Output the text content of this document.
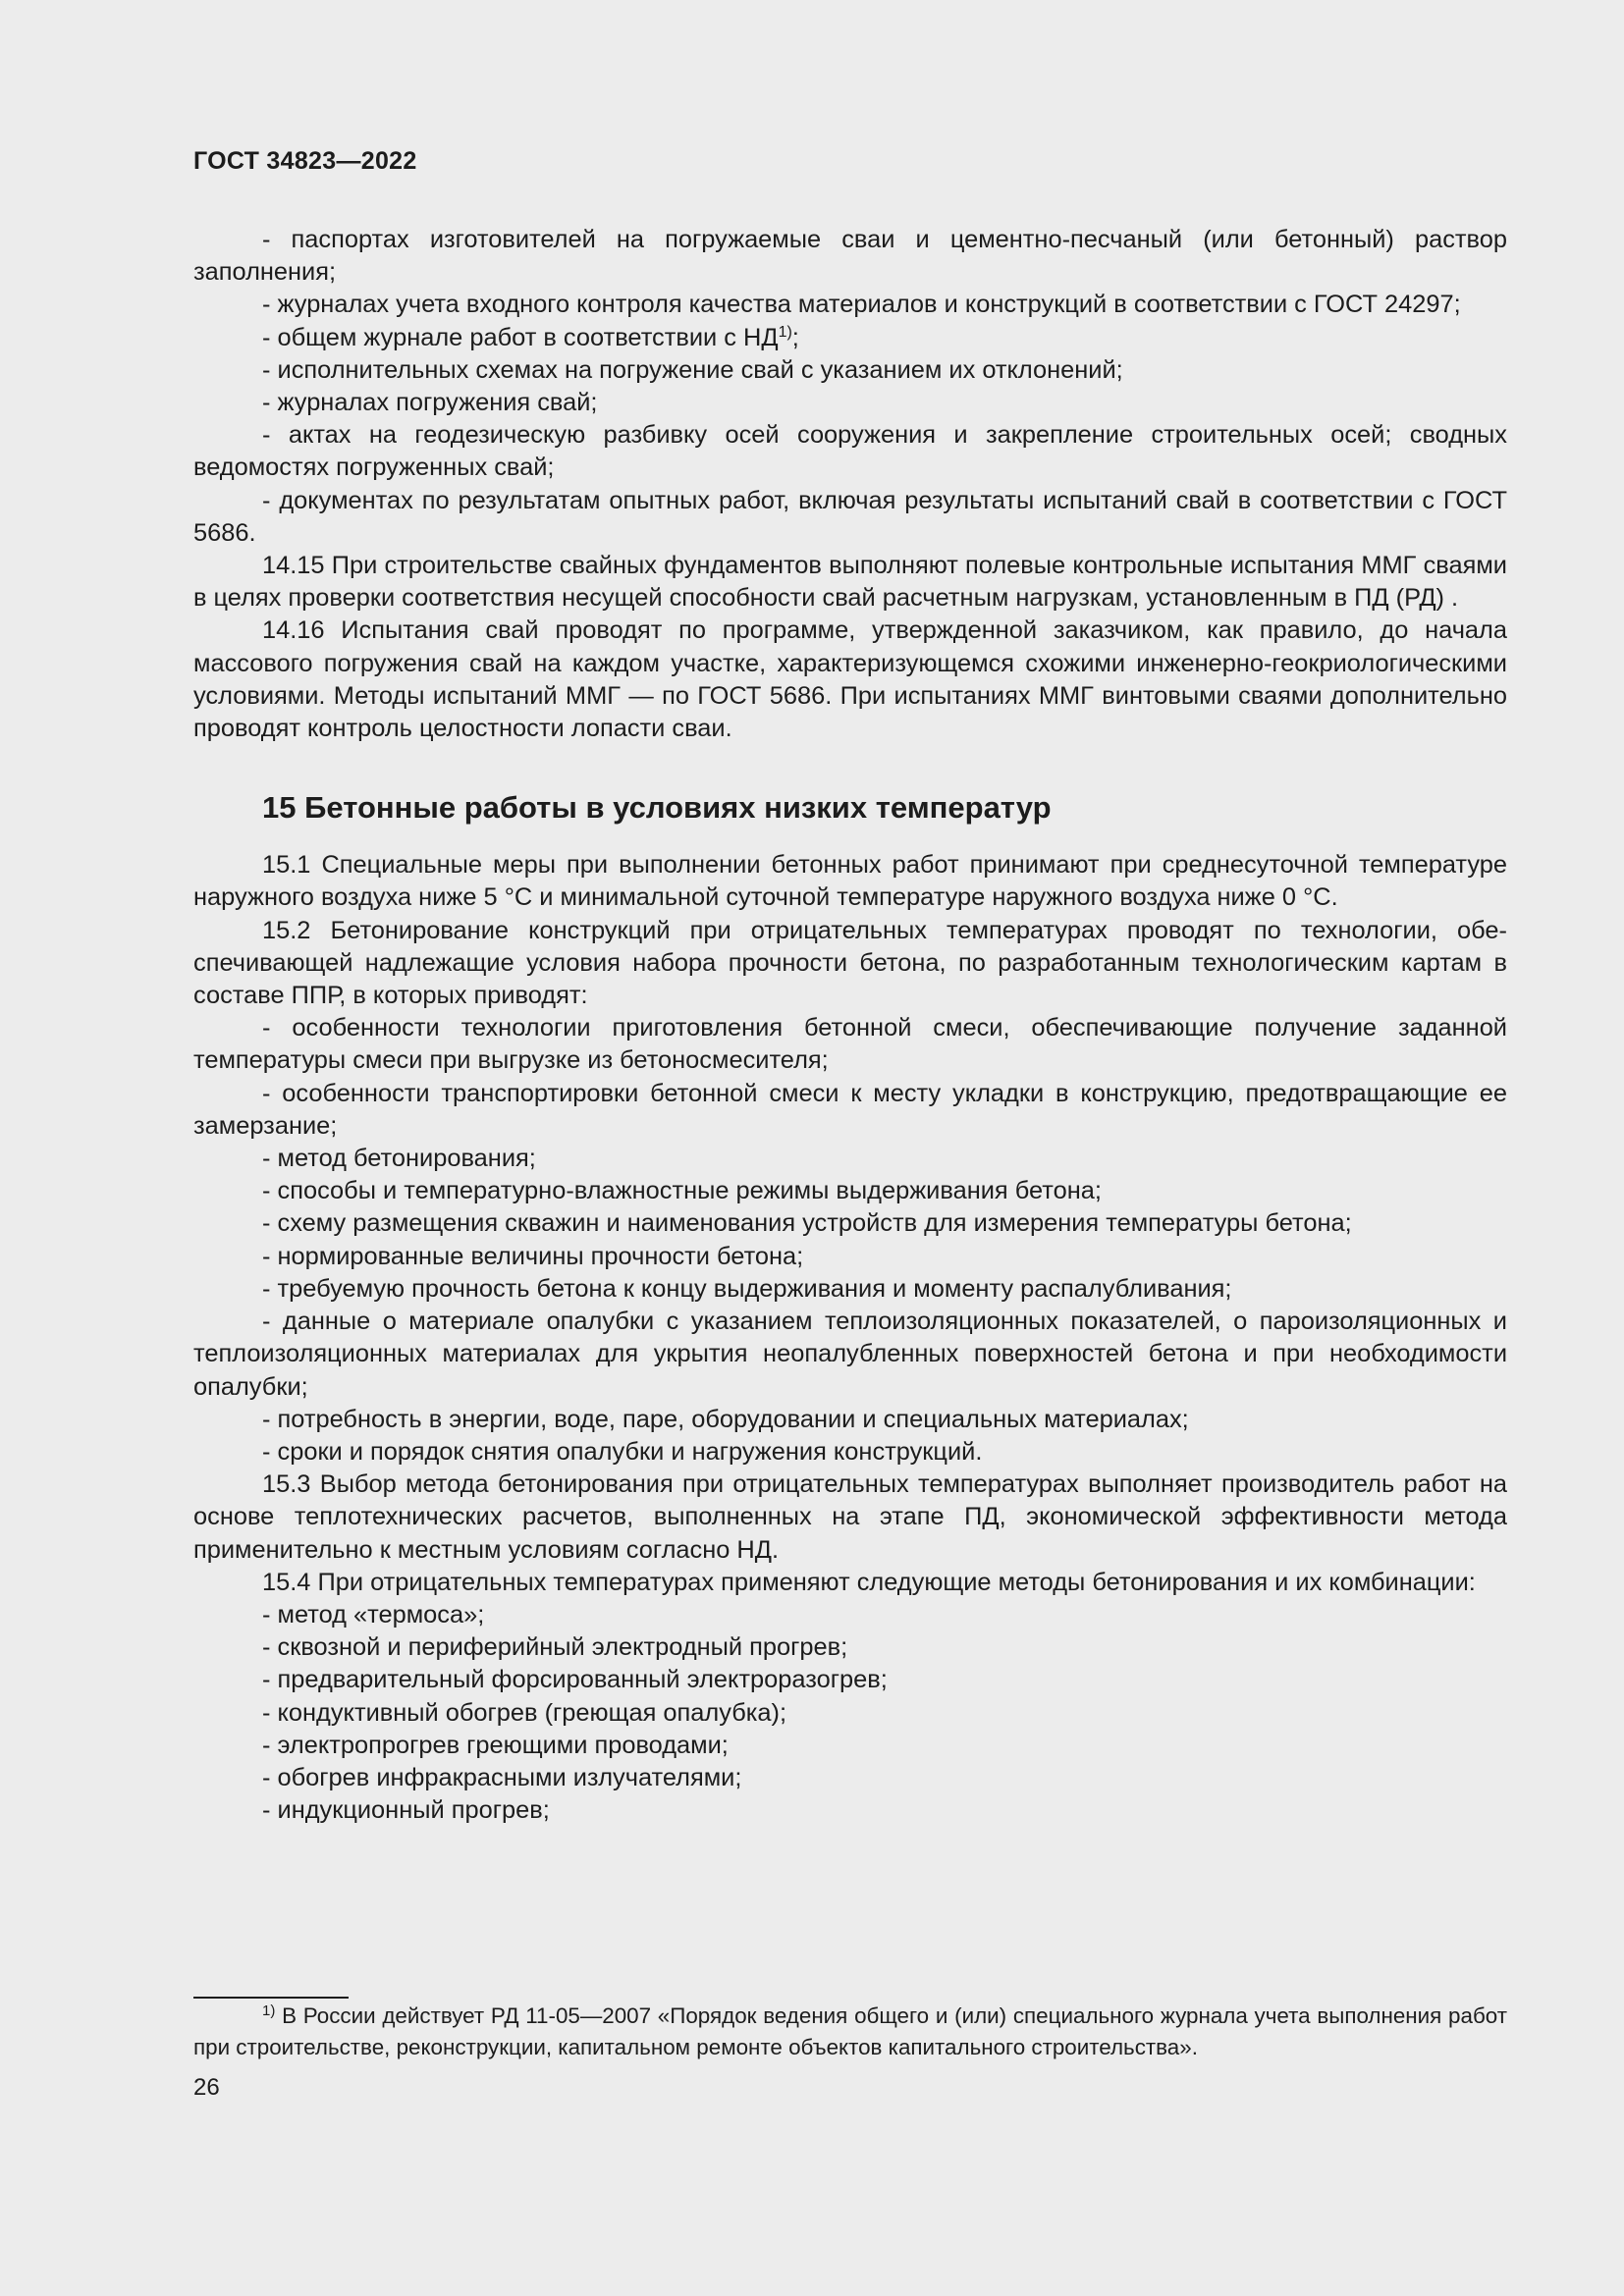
ГОСТ 34823—2022

- паспортах изготовителей на погружаемые сваи и цементно-песчаный (или бетонный) раствор заполнения;

- журналах учета входного контроля качества материалов и конструкций в соответствии с ГОСТ 24297;

- общем журнале работ в соответствии с НД$^{1)}$;

- исполнительных схемах на погружение свай с указанием их отклонений;

- журналах погружения свай;

- актах на геодезическую разбивку осей сооружения и закрепление строительных осей; сводных ведомостях погруженных свай;

- документах по результатам опытных работ, включая результаты испытаний свай в соответствии с ГОСТ 5686.

14.15 При строительстве свайных фундаментов выполняют полевые контрольные испытания ММГ сваями в целях проверки соответствия несущей способности свай расчетным нагрузкам, установленным в ПД (РД) .

14.16 Испытания свай проводят по программе, утвержденной заказчиком, как правило, до начала массового погружения свай на каждом участке, характеризующемся схожими инженерно-геокриологическими условиями. Методы испытаний ММГ — по ГОСТ 5686. При испытаниях ММГ винтовыми сваями дополнительно проводят контроль целостности лопасти сваи.

15 Бетонные работы в условиях низких температур

15.1 Специальные меры при выполнении бетонных работ принимают при среднесуточной температуре наружного воздуха ниже 5 °С и минимальной суточной температуре наружного воздуха ниже 0 °С.

15.2 Бетонирование конструкций при отрицательных температурах проводят по технологии, обеспечивающей надлежащие условия набора прочности бетона, по разработанным технологическим картам в составе ППР, в которых приводят:

- особенности технологии приготовления бетонной смеси, обеспечивающие получение заданной температуры смеси при выгрузке из бетоносмесителя;

- особенности транспортировки бетонной смеси к месту укладки в конструкцию, предотвращающие ее замерзание;

- метод бетонирования;

- способы и температурно-влажностные режимы выдерживания бетона;

- схему размещения скважин и наименования устройств для измерения температуры бетона;

- нормированные величины прочности бетона;

- требуемую прочность бетона к концу выдерживания и моменту распалубливания;

- данные о материале опалубки с указанием теплоизоляционных показателей, о пароизоляционных и теплоизоляционных материалах для укрытия неопалубленных поверхностей бетона и при необходимости опалубки;

- потребность в энергии, воде, паре, оборудовании и специальных материалах;

- сроки и порядок снятия опалубки и нагружения конструкций.

15.3 Выбор метода бетонирования при отрицательных температурах выполняет производитель работ на основе теплотехнических расчетов, выполненных на этапе ПД, экономической эффективности метода применительно к местным условиям согласно НД.

15.4 При отрицательных температурах применяют следующие методы бетонирования и их комбинации:

- метод «термоса»;

- сквозной и периферийный электродный прогрев;

- предварительный форсированный электроразогрев;

- кондуктивный обогрев (греющая опалубка);

- электропрогрев греющими проводами;

- обогрев инфракрасными излучателями;

- индукционный прогрев;

$^{1)}$ В России действует РД 11-05—2007 «Порядок ведения общего и (или) специального журнала учета выполнения работ при строительстве, реконструкции, капитальном ремонте объектов капитального строительства».

26
